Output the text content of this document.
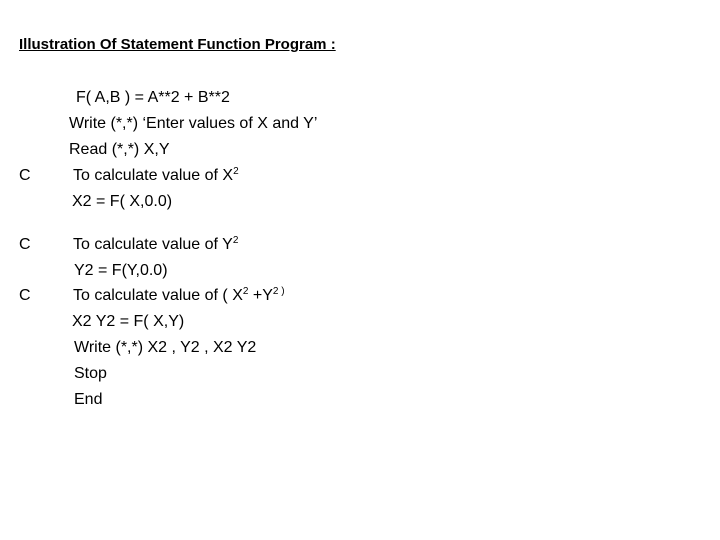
Illustration Of Statement Function Program :
F( A,B ) = A**2 + B**2
Write (*,*) ‘Enter values of X and Y’
Read (*,*) X,Y
C	To calculate value of $X^2$
X2 = F( X,0.0)
C	To calculate value of $Y^2$
Y2 = F(Y,0.0)
C	To calculate value of ( $X^2 +Y^{2 )}$
X2 Y2 = F( X,Y)
Write (*,*) X2 , Y2 , X2 Y2
Stop
End
